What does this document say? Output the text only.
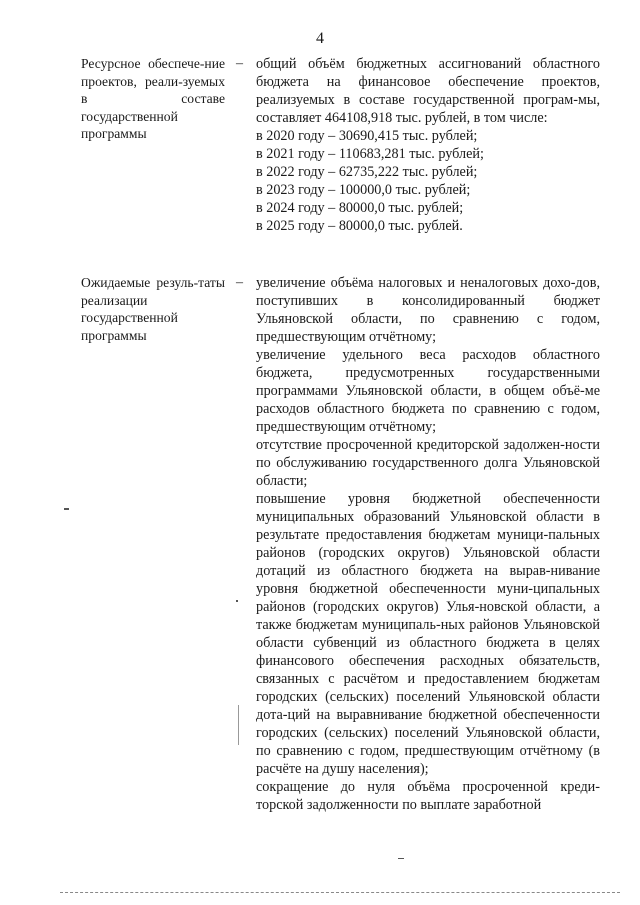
4
Ресурсное обеспече-ние проектов, реали-зуемых в составе государственной программы
– общий объём бюджетных ассигнований областного бюджета на финансовое обеспечение проектов, реализуемых в составе государственной програм-мы, составляет 464108,918 тыс. рублей, в том числе:

в 2020 году – 30690,415 тыс. рублей;

в 2021 году – 110683,281 тыс. рублей;

в 2022 году – 62735,222 тыс. рублей;

в 2023 году – 100000,0 тыс. рублей;

в 2024 году – 80000,0 тыс. рублей;

в 2025 году – 80000,0 тыс. рублей.

Ожидаемые резуль-таты реализации государственной программы
– увеличение объёма налоговых и неналоговых дохо-дов, поступивших в консолидированный бюджет Ульяновской области, по сравнению с годом, предшествующим отчётному;

увеличение удельного веса расходов областного бюджета, предусмотренных государственными программами Ульяновской области, в общем объё-ме расходов областного бюджета по сравнению с годом, предшествующим отчётному;

отсутствие просроченной кредиторской задолжен-ности по обслуживанию государственного долга Ульяновской области;

повышение уровня бюджетной обеспеченности муниципальных образований Ульяновской области в результате предоставления бюджетам муници-пальных районов (городских округов) Ульяновской области дотаций из областного бюджета на вырав-нивание уровня бюджетной обеспеченности муни-ципальных районов (городских округов) Улья-новской области, а также бюджетам муниципаль-ных районов Ульяновской области субвенций из областного бюджета в целях финансового обеспечения расходных обязательств, связанных с расчётом и предоставлением бюджетам городских (сельских) поселений Ульяновской области дота-ций на выравнивание бюджетной обеспеченности городских (сельских) поселений Ульяновской области, по сравнению с годом, предшествующим отчётному (в расчёте на душу населения);

сокращение до нуля объёма просроченной креди-торской задолженности по выплате заработной
